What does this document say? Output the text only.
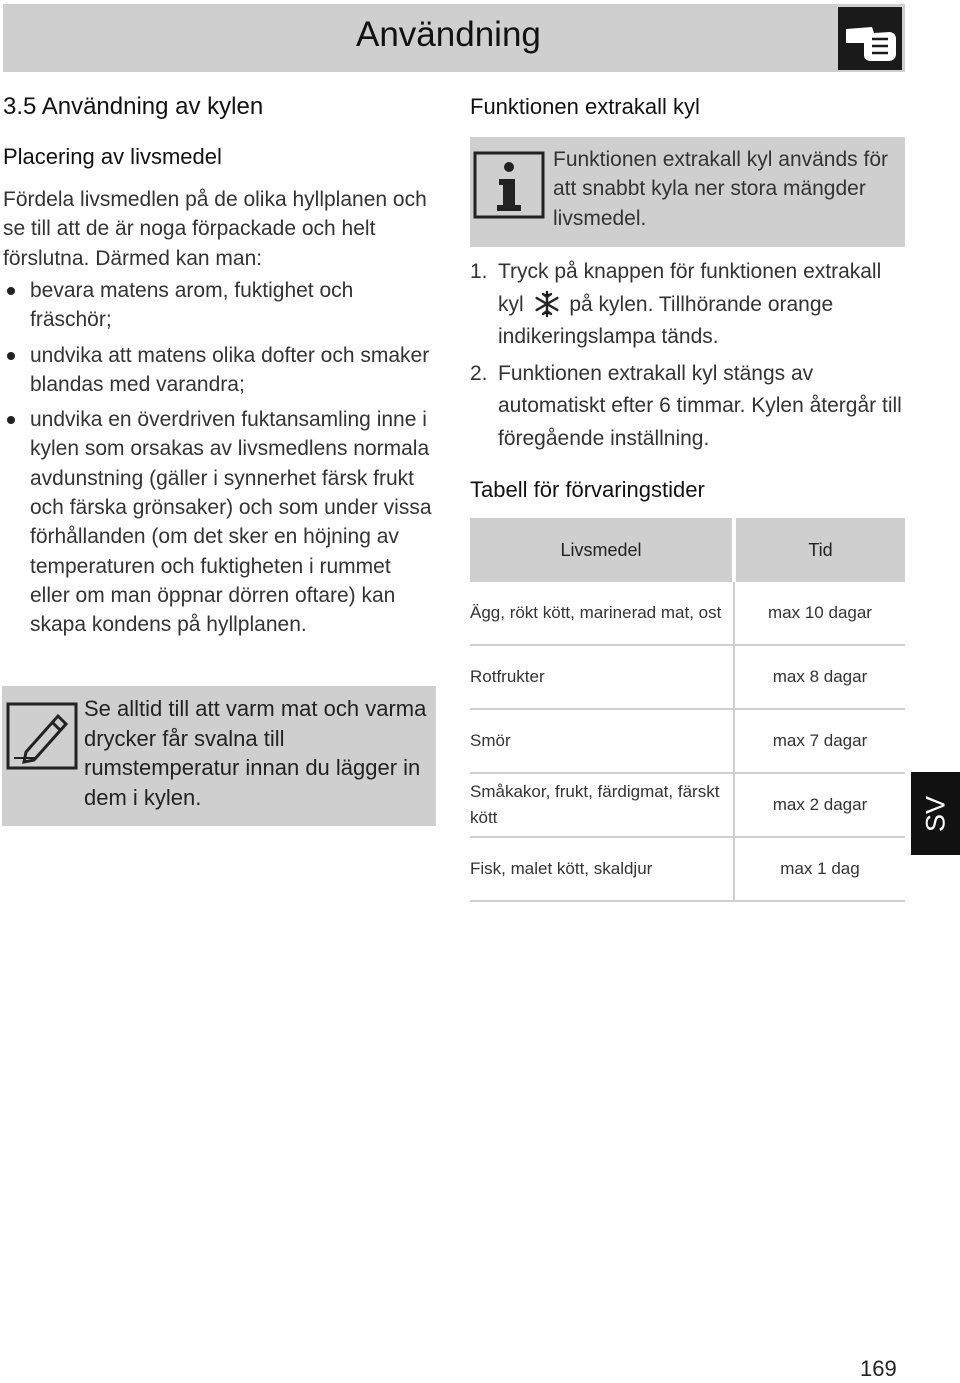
Användning
3.5 Användning av kylen
Placering av livsmedel
Fördela livsmedlen på de olika hyllplanen och se till att de är noga förpackade och helt förslutna. Därmed kan man:
bevara matens arom, fuktighet och fräschör;
undvika att matens olika dofter och smaker blandas med varandra;
undvika en överdriven fuktansamling inne i kylen som orsakas av livsmedlens normala avdunstning (gäller i synnerhet färsk frukt och färska grönsaker) och som under vissa förhållanden (om det sker en höjning av temperaturen och fuktigheten i rummet eller om man öppnar dörren oftare) kan skapa kondens på hyllplanen.
Se alltid till att varm mat och varma drycker får svalna till rumstemperatur innan du lägger in dem i kylen.
Funktionen extrakall kyl
Funktionen extrakall kyl används för att snabbt kyla ner stora mängder livsmedel.
1. Tryck på knappen för funktionen extrakall kyl på kylen. Tillhörande orange indikeringslampa tänds.
2. Funktionen extrakall kyl stängs av automatiskt efter 6 timmar. Kylen återgår till föregående inställning.
Tabell för förvaringstider
Livsmedel	Tid
Ägg, rökt kött, marinerad mat, ost	max 10 dagar
Rotfrukter	max 8 dagar
Smör	max 7 dagar
Småkakor, frukt, färdigmat, färskt kött	max 2 dagar
Fisk, malet kött, skaldjur	max 1 dag
SV
169
